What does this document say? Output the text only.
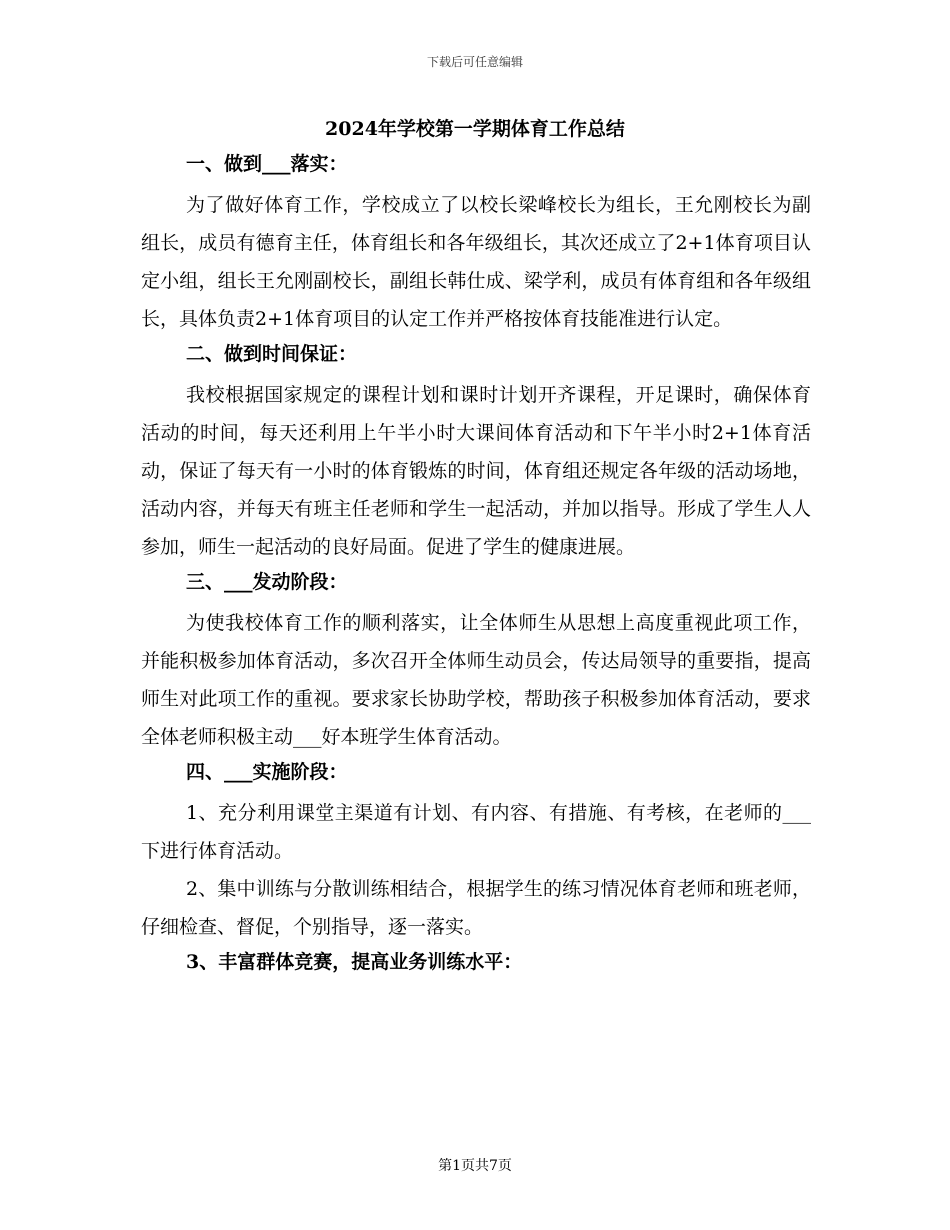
下载后可任意编辑
2024年学校第一学期体育工作总结
一、做到___落实：

为了做好体育工作，学校成立了以校长梁峰校长为组长，王允刚校长为副组长，成员有德育主任，体育组长和各年级组长，其次还成立了2+1体育项目认定小组，组长王允刚副校长，副组长韩仕成、梁学利，成员有体育组和各年级组长，具体负责2+1体育项目的认定工作并严格按体育技能准进行认定。

二、做到时间保证：

我校根据国家规定的课程计划和课时计划开齐课程，开足课时，确保体育活动的时间，每天还利用上午半小时大课间体育活动和下午半小时2+1体育活动，保证了每天有一小时的体育锻炼的时间，体育组还规定各年级的活动场地，活动内容，并每天有班主任老师和学生一起活动，并加以指导。形成了学生人人参加，师生一起活动的良好局面。促进了学生的健康进展。

三、___发动阶段：

为使我校体育工作的顺利落实，让全体师生从思想上高度重视此项工作，并能积极参加体育活动，多次召开全体师生动员会，传达局领导的重要指，提高师生对此项工作的重视。要求家长协助学校，帮助孩子积极参加体育活动，要求全体老师积极主动___好本班学生体育活动。

四、___实施阶段：

1、充分利用课堂主渠道有计划、有内容、有措施、有考核，在老师的___下进行体育活动。

2、集中训练与分散训练相结合，根据学生的练习情况体育老师和班老师，仔细检查、督促，个别指导，逐一落实。

3、丰富群体竞赛，提高业务训练水平：
第1页共7页
